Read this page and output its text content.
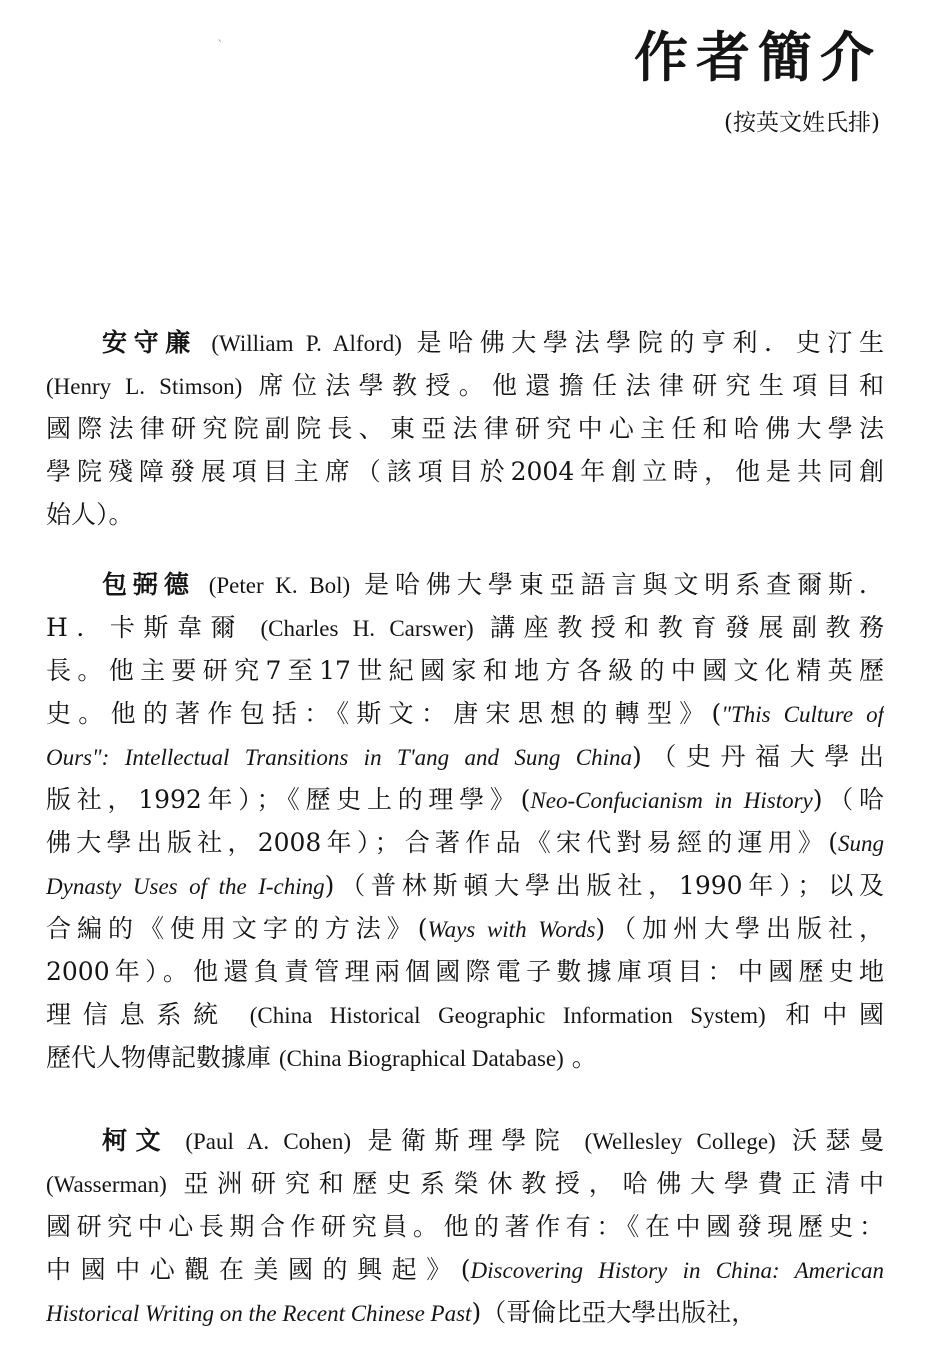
作者簡介
(按英文姓氏排)
‵
安守廉 (William P. Alford) 是哈佛大學法學院的亨利．史汀生
(Henry L. Stimson) 席位法學教授。他還擔任法律研究生項目和
國際法律研究院副院長、東亞法律研究中心主任和哈佛大學法
學院殘障發展項目主席（該項目於2004年創立時，他是共同創
始人）。
包弼德 (Peter K. Bol) 是哈佛大學東亞語言與文明系查爾斯．
H．卡斯韋爾 (Charles H. Carswer) 講座教授和教育發展副教務
長。他主要研究7至17世紀國家和地方各級的中國文化精英歷
史。他的著作包括：《斯文：唐宋思想的轉型》("This Culture of
Ours": Intellectual Transitions in T'ang and Sung China)（史丹福大學出
版社，1992年）；《歷史上的理學》(Neo-Confucianism in History)（哈
佛大學出版社，2008年）；合著作品《宋代對易經的運用》(Sung
Dynasty Uses of the I-ching)（普林斯頓大學出版社，1990年）；以及
合編的《使用文字的方法》(Ways with Words)（加州大學出版社，
2000年）。他還負責管理兩個國際電子數據庫項目：中國歷史地
理信息系統 (China Historical Geographic Information System) 和中國
歷代人物傳記數據庫 (China Biographical Database) 。
柯文 (Paul A. Cohen) 是衛斯理學院 (Wellesley College) 沃瑟曼
(Wasserman) 亞洲研究和歷史系榮休教授，哈佛大學費正清中
國研究中心長期合作研究員。他的著作有：《在中國發現歷史：
中國中心觀在美國的興起》(Discovering History in China: American
Historical Writing on the Recent Chinese Past)（哥倫比亞大學出版社，
